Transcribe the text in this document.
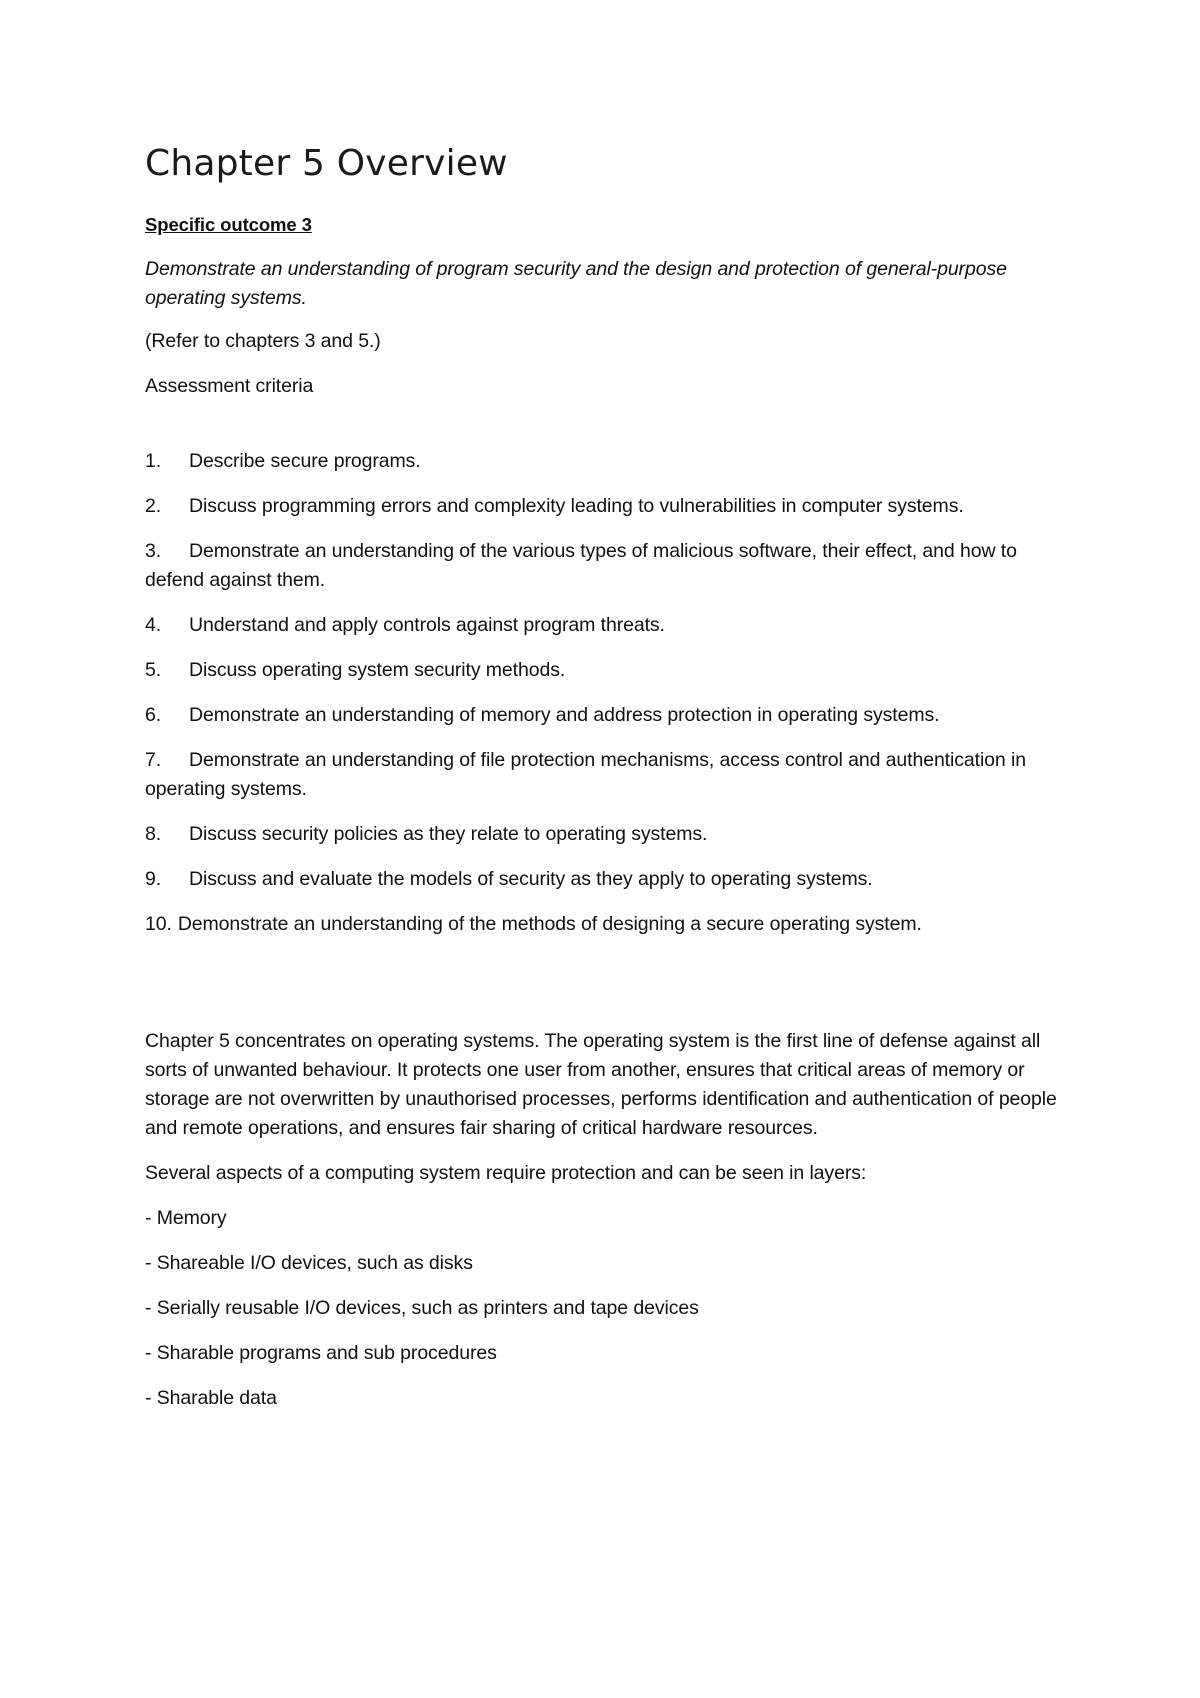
Chapter 5 Overview

Specific outcome 3

Demonstrate an understanding of program security and the design and protection of general-purpose operating systems.

(Refer to chapters 3 and 5.)

Assessment criteria

1. Describe secure programs.
2. Discuss programming errors and complexity leading to vulnerabilities in computer systems.
3. Demonstrate an understanding of the various types of malicious software, their effect, and how to defend against them.
4. Understand and apply controls against program threats.
5. Discuss operating system security methods.
6. Demonstrate an understanding of memory and address protection in operating systems.
7. Demonstrate an understanding of file protection mechanisms, access control and authentication in operating systems.
8. Discuss security policies as they relate to operating systems.
9. Discuss and evaluate the models of security as they apply to operating systems.
10. Demonstrate an understanding of the methods of designing a secure operating system.

Chapter 5 concentrates on operating systems. The operating system is the first line of defense against all sorts of unwanted behaviour. It protects one user from another, ensures that critical areas of memory or storage are not overwritten by unauthorised processes, performs identification and authentication of people and remote operations, and ensures fair sharing of critical hardware resources.

Several aspects of a computing system require protection and can be seen in layers:

- Memory
- Shareable I/O devices, such as disks
- Serially reusable I/O devices, such as printers and tape devices
- Sharable programs and sub procedures
- Sharable data
